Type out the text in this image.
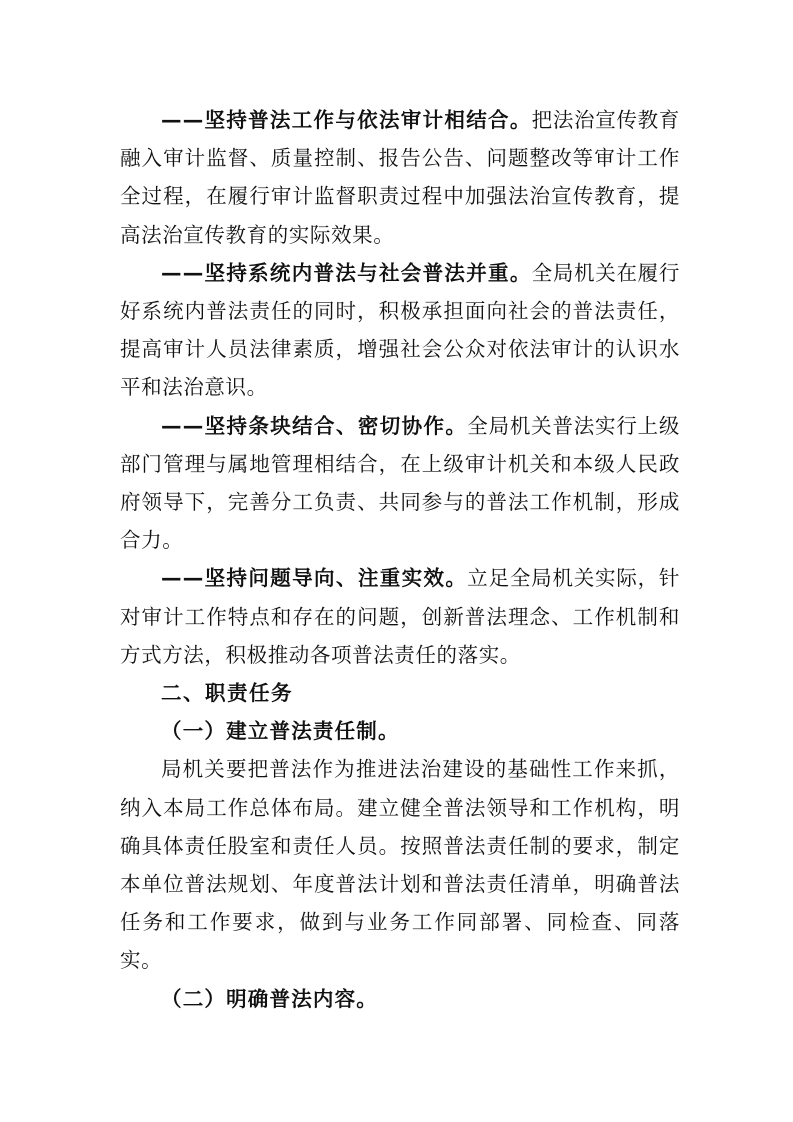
——坚持普法工作与依法审计相结合。把法治宣传教育融入审计监督、质量控制、报告公告、问题整改等审计工作全过程，在履行审计监督职责过程中加强法治宣传教育，提高法治宣传教育的实际效果。

——坚持系统内普法与社会普法并重。全局机关在履行好系统内普法责任的同时，积极承担面向社会的普法责任，提高审计人员法律素质，增强社会公众对依法审计的认识水平和法治意识。

——坚持条块结合、密切协作。全局机关普法实行上级部门管理与属地管理相结合，在上级审计机关和本级人民政府领导下，完善分工负责、共同参与的普法工作机制，形成合力。

——坚持问题导向、注重实效。立足全局机关实际，针对审计工作特点和存在的问题，创新普法理念、工作机制和方式方法，积极推动各项普法责任的落实。

二、职责任务

（一）建立普法责任制。

局机关要把普法作为推进法治建设的基础性工作来抓，纳入本局工作总体布局。建立健全普法领导和工作机构，明确具体责任股室和责任人员。按照普法责任制的要求，制定本单位普法规划、年度普法计划和普法责任清单，明确普法任务和工作要求，做到与业务工作同部署、同检查、同落实。

（二）明确普法内容。
